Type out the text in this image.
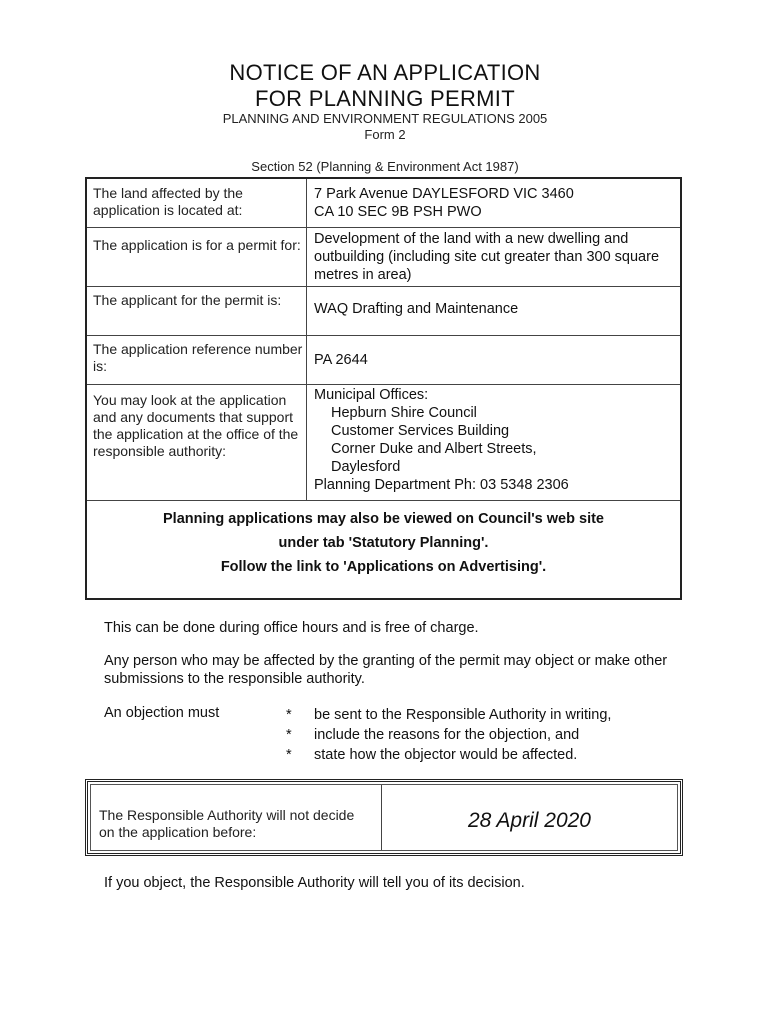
NOTICE OF AN APPLICATION
FOR PLANNING PERMIT
PLANNING AND ENVIRONMENT REGULATIONS 2005
Form 2
Section 52 (Planning & Environment Act 1987)
The land affected by the application is located at:
7 Park Avenue DAYLESFORD VIC 3460
CA 10 SEC 9B PSH PWO
The application is for a permit for: Development of the land with a new dwelling and outbuilding (including site cut greater than 300 square metres in area)
The applicant for the permit is:
WAQ Drafting and Maintenance
The application reference number is:	PA 2644
You may look at the application and any documents that support the application at the office of the responsible authority:
Municipal Offices:
Hepburn Shire Council
Customer Services Building
Corner Duke and Albert Streets,
Daylesford
Planning Department Ph: 03 5348 2306
Planning applications may also be viewed on Council's web site
under tab 'Statutory Planning'.
Follow the link to 'Applications on Advertising'.
This can be done during office hours and is free of charge.
Any person who may be affected by the granting of the permit may object or make other submissions to the responsible authority.
An objection must	*	be sent to the Responsible Authority in writing,
*	include the reasons for the objection, and
*	state how the objector would be affected.
The Responsible Authority will not decide on the application before:	28 April 2020
If you object, the Responsible Authority will tell you of its decision.
